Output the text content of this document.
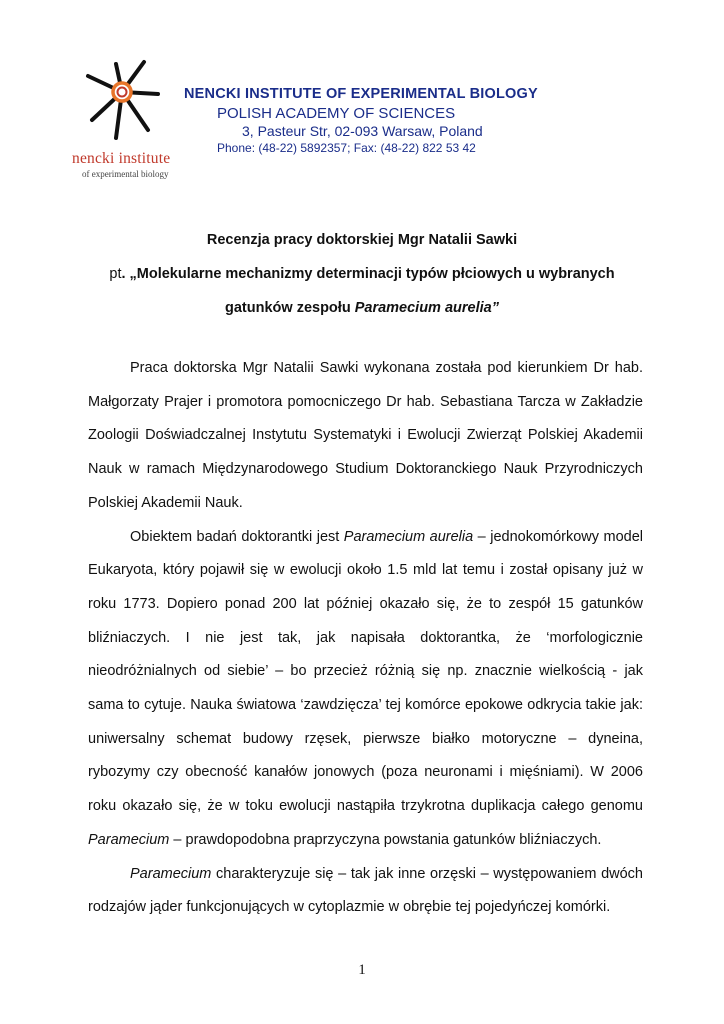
nencki institute
of experimental biology
NENCKI INSTITUTE OF EXPERIMENTAL BIOLOGY
POLISH ACADEMY OF SCIENCES
3, Pasteur Str, 02-093 Warsaw, Poland
Phone: (48-22) 5892357; Fax: (48-22) 822 53 42
Recenzja pracy doktorskiej Mgr Natalii Sawki
pt. „Molekularne mechanizmy determinacji typów płciowych u wybranych
gatunków zespołu Paramecium aurelia”

Praca doktorska Mgr Natalii Sawki wykonana została pod kierunkiem Dr hab. Małgorzaty Prajer i promotora pomocniczego Dr hab. Sebastiana Tarcza w Zakładzie Zoologii Doświadczalnej Instytutu Systematyki i Ewolucji Zwierząt Polskiej Akademii Nauk w ramach Międzynarodowego Studium Doktoranckiego Nauk Przyrodniczych Polskiej Akademii Nauk.

Obiektem badań doktorantki jest Paramecium aurelia – jednokomórkowy model Eukaryota, który pojawił się w ewolucji około 1.5 mld lat temu i został opisany już w roku 1773. Dopiero ponad 200 lat później okazało się, że to zespół 15 gatunków bliźniaczych. I nie jest tak, jak napisała doktorantka, że ‘morfologicznie nieodróżnialnych od siebie’ – bo przecież różnią się np. znacznie wielkością - jak sama to cytuje. Nauka światowa ‘zawdzięcza’ tej komórce epokowe odkrycia takie jak: uniwersalny schemat budowy rzęsek, pierwsze białko motoryczne – dyneina, rybozymy czy obecność kanałów jonowych (poza neuronami i mięśniami). W 2006 roku okazało się, że w toku ewolucji nastąpiła trzykrotna duplikacja całego genomu Paramecium – prawdopodobna praprzyczyna powstania gatunków bliźniaczych.

Paramecium charakteryzuje się – tak jak inne orzęski – występowaniem dwóch rodzajów jąder funkcjonujących w cytoplazmie w obrębie tej pojedyńczej komórki.

1
